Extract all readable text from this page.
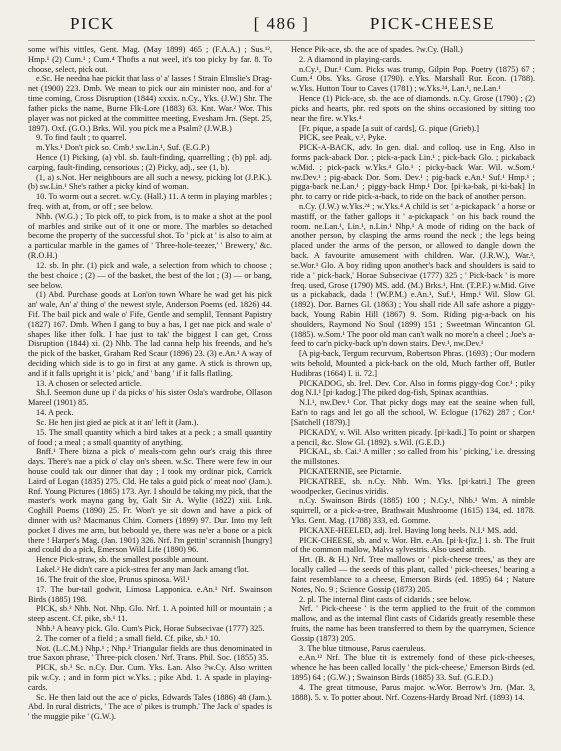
PICK	[ 486 ]	PICK-CHEESE

some wi'his vittles, Gent. Mag. (May 1899) 465 ; (F.A.A.) ; Sus.¹², Hmp.¹ (2) Cum.¹ ; Cum.⁴ Thofts a nut weel, it's too picky by far. 8. To choose, select, pick out.

e.Sc. He needna hae pickit that lass o' a' lasses ! Strain Elmslie's Drag-net (1900) 223. Dmb. We mean to pick our ain minister noo, and for a' time coming, Cross Disruption (1844) xxxix. n.Cy., Yks. (J.W.) Shr. The father picks the name, Burne Flk-Lore (1883) 63. Knt. War.² Wor. This player was not picked at the committee meeting, Evesham Jrn. (Sept. 25, 1897). Oxf. (G.O.) Brks. Wil. you pick me a Psalm? (J.W.B.)

9. To find fault ; to quarrel.

m.Yks.¹ Don't pick so. Cmb.¹ sw.Lin.¹, Suf. (E.G.P.)

Hence (1) Picking, (a) vbl. sb. fault-finding, quarrelling ; (b) ppl. adj. carping, fault-finding, censorious ; (2) Picky, adj., see (1, b).

(1, a) s.Not. Her neighbours are all such a newsy, picking lot (J.P.K.). (b) sw.Lin.¹ She's rather a picky kind of woman.

10. To worm out a secret. w.Cy. (Hall.) 11. A term in playing marbles ; freq. with at, from, or off ; see below.

Nhb. (W.G.) ; To pick off, to pick from, is to make a shot at the pool of marbles and strike out of it one or more. The marbles so detached become the property of the successful shot. To ' pick at ' is also to aim at a particular marble in the games of ' Three-hole-teezer,' ' Brewery,' &c. (R.O.H.)

12. sb. In phr. (1) pick and wale, a selection from which to choose ; the best choice ; (2) — of the basket, the best of the lot ; (3) — or bang, see below.

(1) Abd. Purchase goods at Lon'on town Whare he wad get his pick an' wale, An' a' thing o' the newest style, Anderson Poems (ed. 1826) 44. Fif. The bail pick and wale o' Fife, Gentle and semplil, Tennant Papistry (1827) 167. Dmb. When I gang to buy a has, I get nae pick and wale o' shapes like ither folk. I hae just to tak' the biggest I can get, Cross Disruption (1844) xi. (2) Nhb. The lad canna help his freends, and he's the pick of the basket, Graham Red Scaur (1896) 23. (3) e.An.¹ A way of deciding which side is to go in first at any game. A stick is thrown up, and if it falls upright it is ' pick,' and ' bang ' if it falls flatling.

13. A chosen or selected article.

Sh.I. Seemon dune up i' da picks o' his sister Osla's wardrobe, Ollason Mareel (1901) 85.

14. A peck.

Sc. He hen jist gied ae pick at it an' left it (Jam.).

15. The small quantity which a bird takes at a peck ; a small quantity of food ; a meal ; a small quantity of anything.

Bnff.¹ There bizna a pick o' meals-corn gehn our's craig this three days. There's nae a pick o' clay on's sheen. w.Sc. There were few in our house could tak our dinner that day ; I took my ordinar pick, Carrick Laird of Logan (1835) 275. Cld. He taks a guid pick o' meat noo' (Jam.). Rnf. Young Pictures (1865) 173. Ayr. I should be taking my pick, that the master's work mayna gang by, Galt Sir A. Wylie (1822) xiii. Lnk. Coghill Poems (1890) 25. Fr. Won't ye sit down and have a pick of dinner with us? Macmanus Chim. Corners (1899) 97. Dur. Into my left pocket I dives me arm, but bebould ye, there was ne'er a bone or a pick there ! Harper's Mag. (Jan. 1901) 326. Nrf. I'm gettin' scrannish [hungry] and could do a pick, Emerson Wild Life (1890) 96.

Hence Pick-straw, sb. the smallest possible amount.

Lakel.² He didn't care a pick-strea fer any man Jack amang t'lot.

16. The fruit of the sloe, Prunus spinosa. Wil.¹

17. The bur-tail godwit, Limosa Lapponica. e.An.¹ Nrf. Swainson Birds (1885) 198.

PICK, sb.² Nhb. Not. Nhp. Glo. Nrf. 1. A pointed hill or mountain ; a steep ascent. Cf. pike, sb.¹ 11.

Nhb.¹ A heavy pick. Glo. Cum's Pick, Horae Subsecivae (1777) 325.

2. The corner of a field ; a small field. Cf. pike, sb.¹ 10.

Not. (L.C.M.) Nhp.¹ ; Nhp.² Triangular fields are thus denominated in true Saxon phrase, ' Three-pick closen.' Nrf. Trans. Phil. Soc. (1855) 35.

PICK, sb.³ Sc. n.Cy. Dur. Cum. Yks. Lan. Also ?w.Cy. Also written pik w.Cy. ; and in form pict w.Yks. ; pike Abd. 1. A spade in playing-cards.

Sc. He then laid out the ace o' picks, Edwards Tales (1886) 48 (Jam.). Abd. In rural districts, ' The ace o' pikes is trumph.' The Jack o' spades is ' the muggie pike ' (G.W.).

Hence Pik-ace, sb. the ace of spades. ?w.Cy. (Hall.)

2. A diamond in playing-cards.

n.Cy.¹, Dur.¹ Cum. Picks was trump, Gilpin Pop. Poetry (1875) 67 ; Cum.⁴ Obs. Yks. Grose (1790). e.Yks. Marshall Rur. Econ. (1788). w.Yks. Hutton Tour to Caves (1781) ; w.Yks.²⁴, Lan.¹, ne.Lan.¹

Hence (1) Pick-ace, sb. the ace of diamonds. n.Cy. Grose (1790) ; (2) picks and hearts, phr. red spots on the shins occasioned by sitting too near the fire. w.Yks.⁴

[Fr. pique, a spade [a suit of cards], G. pique (Grieb).]

PICK, see Peak, v.², Pyke.

PICK-A-BACK, adv. In gen. dial. and colloq. use in Eng. Also in forms pack-aback Dor. ; pick-a-pack Lin.¹ ; pick-back Glo. ; pickaback w.Mid. ; pick-pack w.Yks.⁴ Glo.¹ ; picky-back War. Wil. w.Som.¹ nw.Dev.¹ ; pig-aback Dor. Som. Dev.¹ ; pig-back e.An.¹ Suf.¹ Hmp.¹ ; pigga-back ne.Lan.¹ ; piggy-back Hmp.¹ Dor. [pi·kə-bak, pi·ki-bak] In phr. to carry or ride pick-a-back, to ride on the back of another person.

n.Cy. (J.W.) w.Yks.²⁴ ; w.Yks.⁴ A child is set ' a-pickapack ' a horse or mastiff, or the father gallops it ' a-pickapack ' on his back round the room. ne.Lan.¹, Lin.¹, n.Lin.¹ Nhp.¹ A mode of riding on the back of another person, by clasping the arms round the neck ; the legs being placed under the arms of the person, or allowed to dangle down the back. A favourite amusement with children. War. (J.R.W.), War.³, se.Wor.¹ Glo. A boy riding upon another's back and shoulders is said to ride a ' pick-back,' Horae Subsecivae (1777) 325 ; ' Pick-back ' is more freq. used, Grose (1790) MS. add. (M.) Brks.¹, Hnt. (T.P.F.) w.Mid. Give us a pickaback, dada ! (W.P.M.) e.An.¹, Suf.¹, Hmp.¹ Wil. Slow Gl. (1892). Dor. Barnes Gl. (1863) ; You shall ride All safe ashore a piggy-back, Young Rabin Hill (1867) 9. Som. Riding pig-a-back on his shoulders, Raymond No Soul (1899) 151 ; Sweetman Wincanton Gl. (1885). w.Som.¹ The poor old man can't walk no more'n a cheel ; Joe's a-feed to car'n picky-back up'n down stairs. Dev.¹, nw.Dev.¹

[A pig-back, Tergum recurvum, Robertson Phras. (1693) ; Our modern wits behold, Mounted a pick-back on the old, Much farther off, Butler Hudibras (1664) I. ii. 72.]

PICKADOG, sb. Irel. Dev. Cor. Also in forms piggy-dog Cor.¹ ; piky dog N.I.¹ [pi·kadog.] The piked dog-fish, Spinax acanthias.

N.I.¹, nw.Dev.¹ Cor. That picky dogs may eat the seaine when full, Eat'n to rags and let go all the school, W. Eclogue (1762) 287 ; Cor.¹ [Satchell (1879).]

PICKADY, v. Wil. Also written picady. [pi·kadi.] To point or sharpen a pencil, &c. Slow Gl. (1892). s.Wil. (G.E.D.)

PICKAL, sb. Cai.¹ A miller ; so called from his ' picking,' i.e. dressing the millstones.

PICKATERNIE, see Pictarnie.

PICKATREE, sb. n.Cy. Nhb. Wm. Yks. [pi·katri.] The green woodpecker, Gecinus viridis.

n.Cy. Swainson Birds (1885) 100 ; N.Cy.¹, Nhb.¹ Wm. A nimble squirrell, or a pick-a-tree, Brathwait Mushroome (1615) 134, ed. 1878. Yks. Gent. Mag. (1788) 333, ed. Gomme.

PICKAXE-HEELED, adj. Irel. Having long heels. N.I.¹ MS. add.

PICK-CHEESE, sb. and v. Wor. Hrt. e.An. [pi·k-tʃiz.] 1. sb. The fruit of the common mallow, Malva sylvestris. Also used attrib.

Hrt. (B. & H.) Nrf. Tree mallows or ' pick-cheese trees,' as they are locally called — the seeds of this plant, called ' pick-cheeses,' bearing a faint resemblance to a cheese, Emerson Birds (ed. 1895) 64 ; Nature Notes, No. 9 ; Science Gossip (1873) 205.

2. pl. The internal flint casts of cidarids ; see below.

Nrf. ' Pick-cheese ' is the term applied to the fruit of the common mallow, and as the internal flint casts of Cidarids greatly resemble these fruits, the name has been transferred to them by the quarrymen, Science Gossip (1873) 205.

3. The blue titmouse, Parus caeruleus.

e.An.¹² Nrf. The blue tit is extremely fond of these pick-cheeses, whence he has been called locally ' the pick-cheese,' Emerson Birds (ed. 1895) 64 ; (G.W.) ; Swainson Birds (1885) 33. Suf. (G.E.D.)

4. The great titmouse, Parus major. w.Wor. Berrow's Jrn. (Mar. 3, 1888). 5. v. To potter about. Nrf. Cozens-Hardy Broad Nrf. (1893) 14.
